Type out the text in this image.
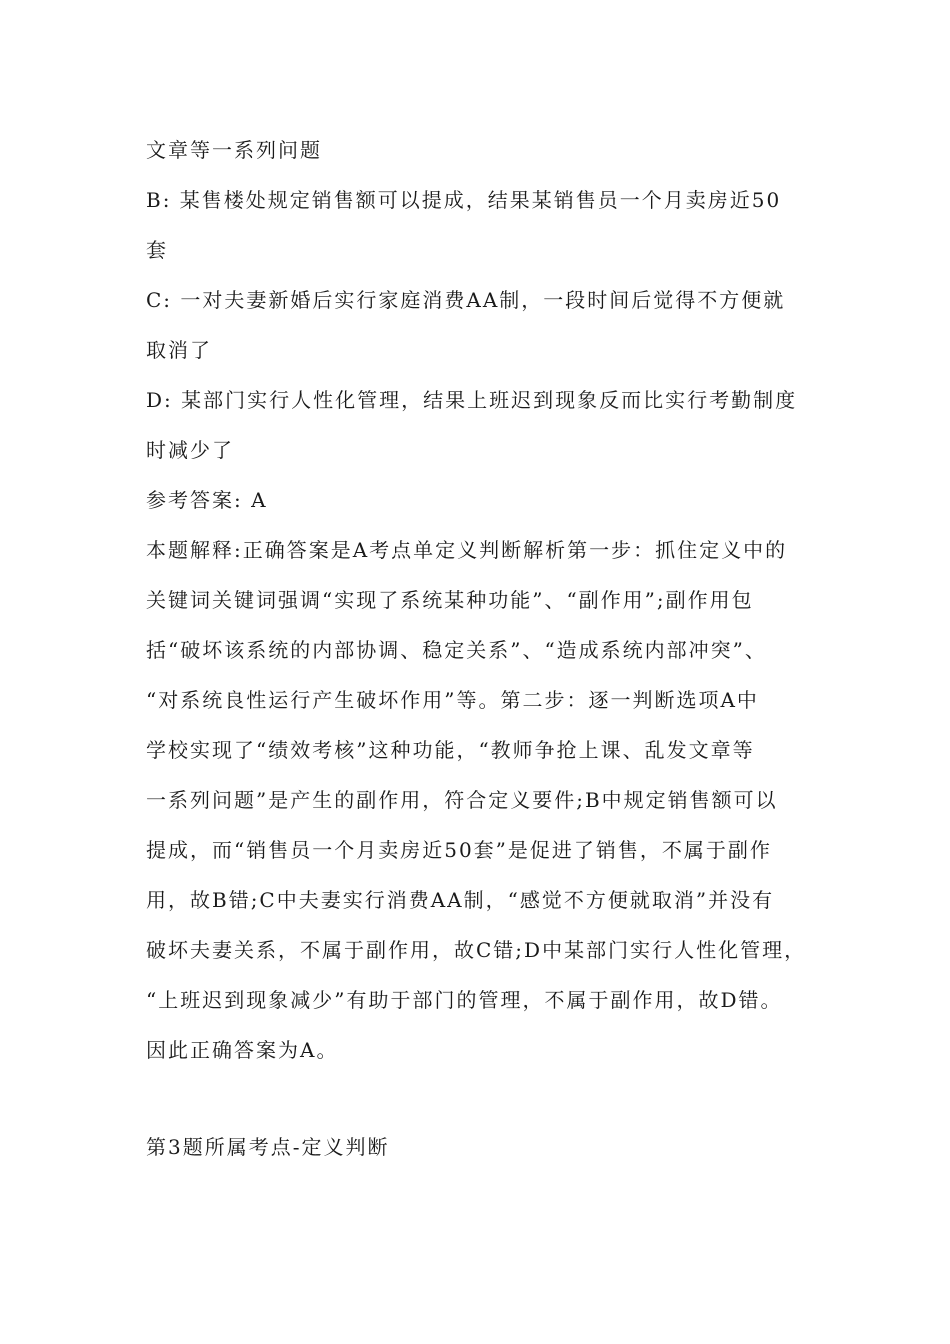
文章等一系列问题
B: 某售楼处规定销售额可以提成，结果某销售员一个月卖房近50
套
C: 一对夫妻新婚后实行家庭消费AA制，一段时间后觉得不方便就
取消了
D: 某部门实行人性化管理，结果上班迟到现象反而比实行考勤制度
时减少了
参考答案: A
本题解释:正确答案是A考点单定义判断解析第一步：抓住定义中的
关键词关键词强调“实现了系统某种功能”、“副作用”;副作用包
括“破坏该系统的内部协调、稳定关系”、“造成系统内部冲突”、
“对系统良性运行产生破坏作用”等。第二步：逐一判断选项A中
学校实现了“绩效考核”这种功能，“教师争抢上课、乱发文章等
一系列问题”是产生的副作用，符合定义要件;B中规定销售额可以
提成，而“销售员一个月卖房近50套”是促进了销售，不属于副作
用，故B错;C中夫妻实行消费AA制，“感觉不方便就取消”并没有
破坏夫妻关系，不属于副作用，故C错;D中某部门实行人性化管理，
“上班迟到现象减少”有助于部门的管理，不属于副作用，故D错。
因此正确答案为A。
第3题所属考点-定义判断
